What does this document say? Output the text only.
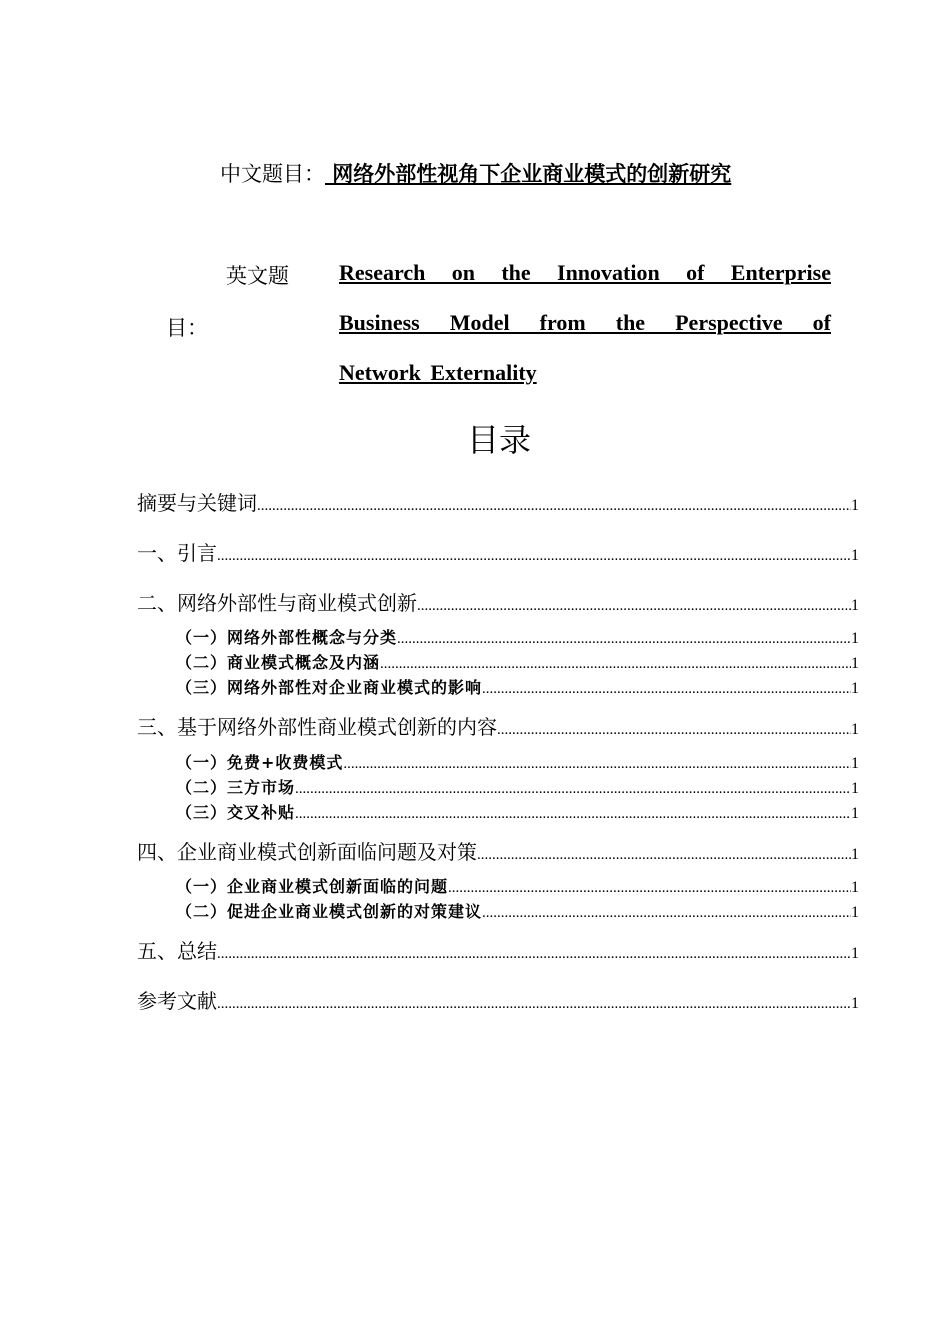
中文题目： 网络外部性视角下企业商业模式的创新研究
英文题
目：
Research on the Innovation of Enterprise
Business Model from the Perspective of
Network Externality
目录
摘要与关键词 .....	1
一、引言 .....	1
二、网络外部性与商业模式创新 .....	1
（一）网络外部性概念与分类 .....	1
（二）商业模式概念及内涵 .....	1
（三）网络外部性对企业商业模式的影响 .....	1
三、基于网络外部性商业模式创新的内容 .....	1
（一）免费+收费模式 .....	1
（二）三方市场 .....	1
（三）交叉补贴 .....	1
四、企业商业模式创新面临问题及对策 .....	1
（一）企业商业模式创新面临的问题 .....	1
（二）促进企业商业模式创新的对策建议 .....	1
五、总结 .....	1
参考文献 .....	1
